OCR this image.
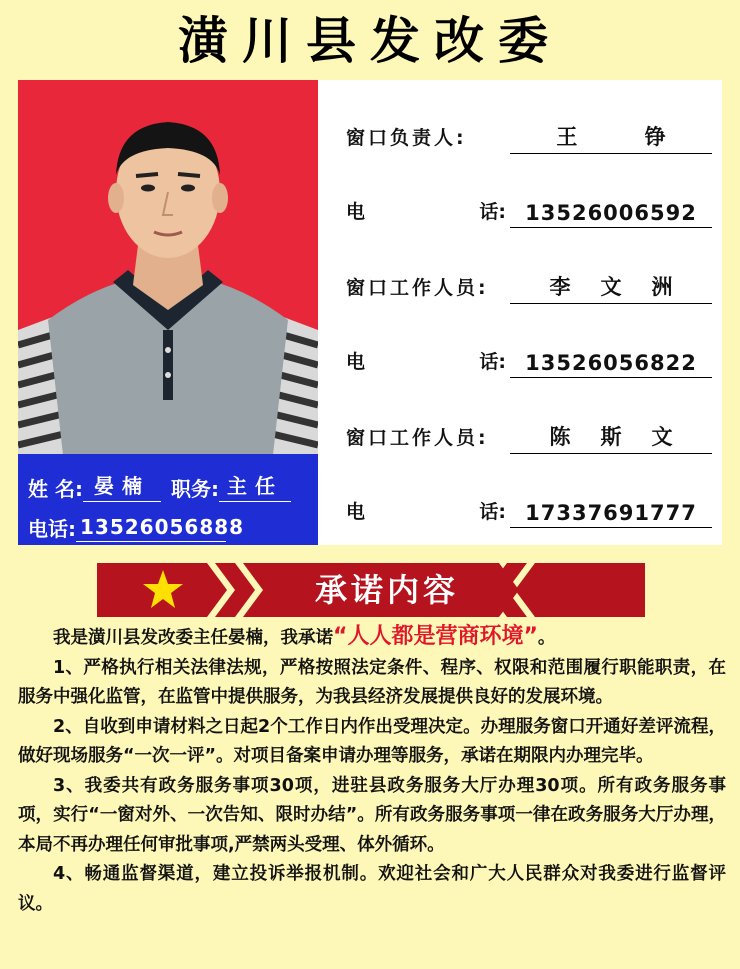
潢川县发改委
姓 名: 晏楠	职务: 主任
电话: 13526056888
窗口负责人:	王 铮
电	话: 13526006592
窗口工作人员:	李文洲
电	话: 13526056822
窗口工作人员:	陈斯文
电	话: 17337691777
承诺内容

我是潢川县发改委主任晏楠，我承诺“人人都是营商环境”。

1、严格执行相关法律法规，严格按照法定条件、程序、权限和范围履行职能职责，在服务中强化监管，在监管中提供服务，为我县经济发展提供良好的发展环境。

2、自收到申请材料之日起2个工作日内作出受理决定。办理服务窗口开通好差评流程，做好现场服务“一次一评”。对项目备案申请办理等服务，承诺在期限内办理完毕。

3、我委共有政务服务事项30项，进驻县政务服务大厅办理30项。所有政务服务事项，实行“一窗对外、一次告知、限时办结”。所有政务服务事项一律在政务服务大厅办理，本局不再办理任何审批事项,严禁两头受理、体外循环。

4、畅通监督渠道，建立投诉举报机制。欢迎社会和广大人民群众对我委进行监督评议。
